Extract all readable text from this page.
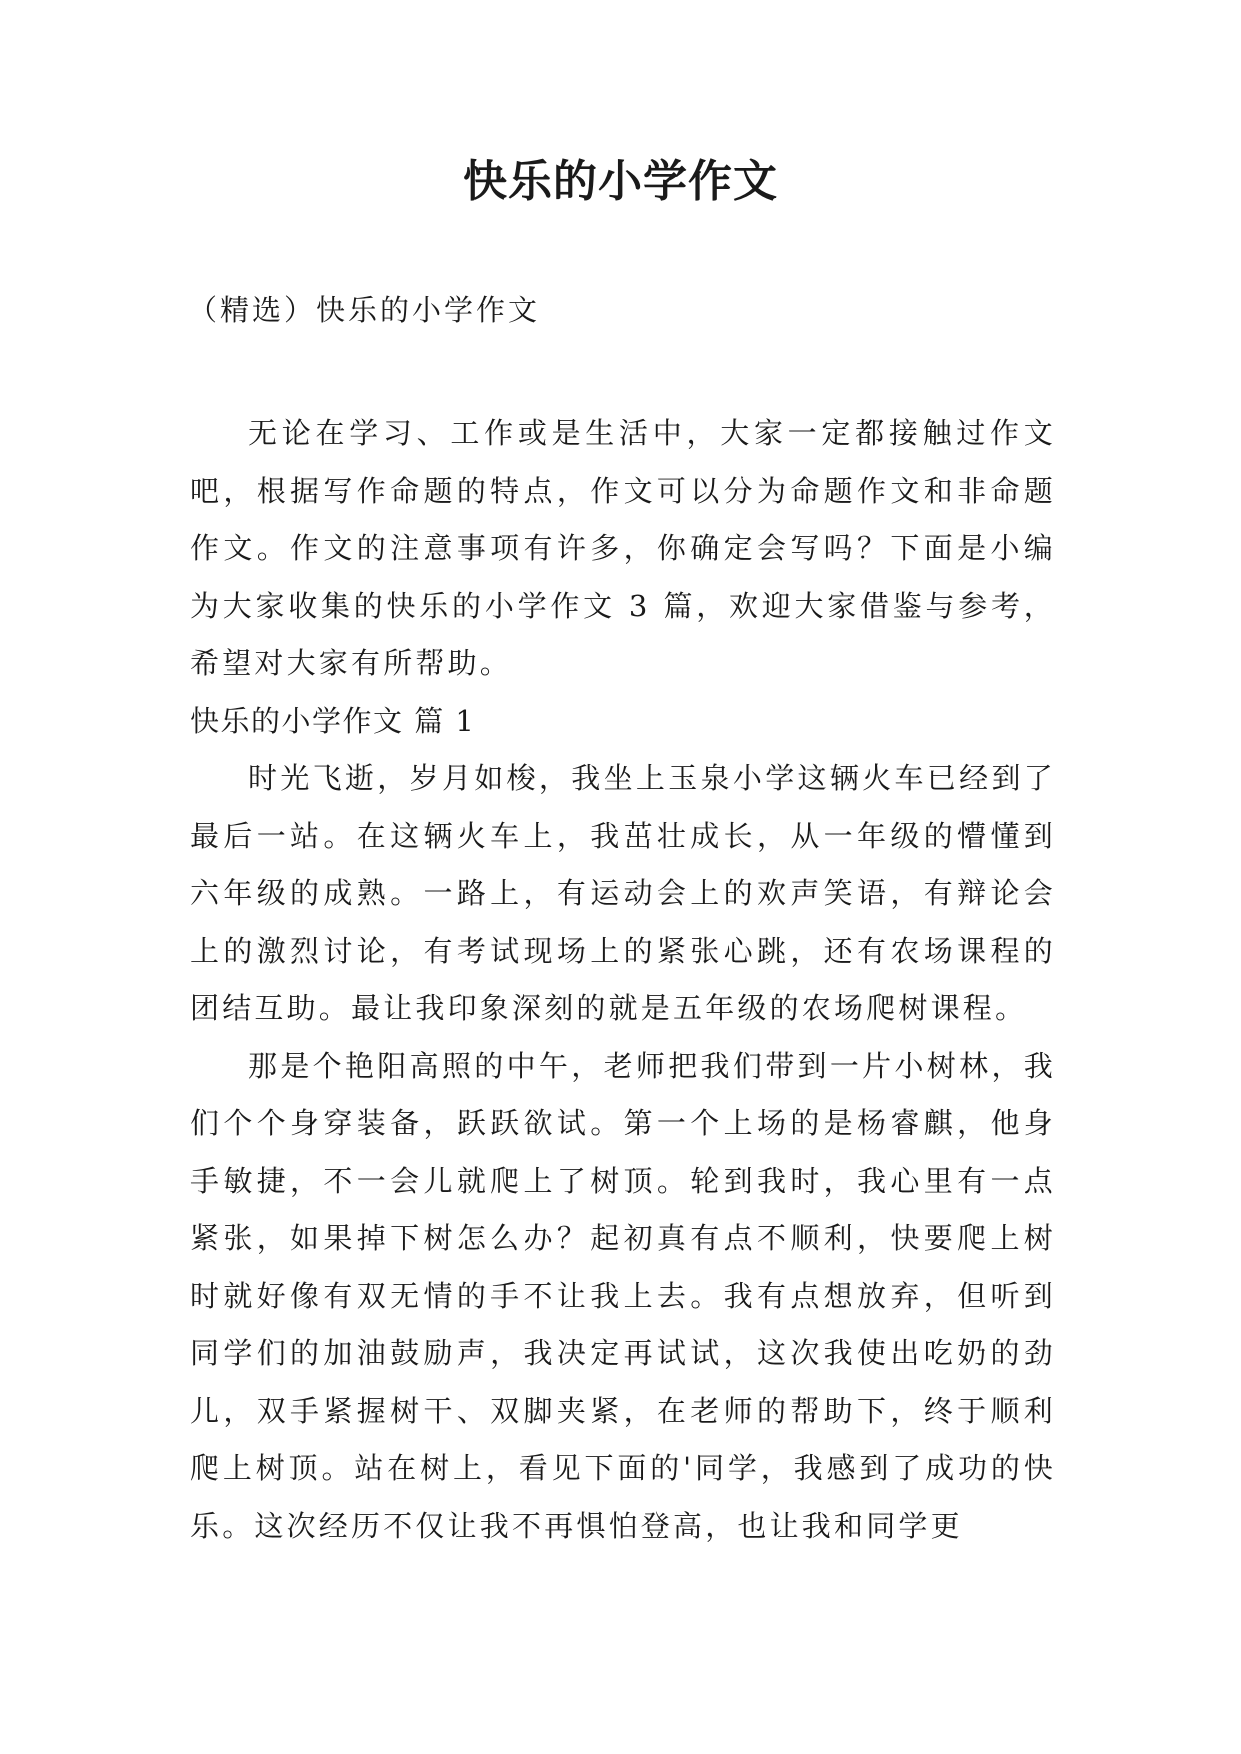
快乐的小学作文

（精选）快乐的小学作文

无论在学习、工作或是生活中，大家一定都接触过作文吧，根据写作命题的特点，作文可以分为命题作文和非命题作文。作文的注意事项有许多，你确定会写吗？下面是小编为大家收集的快乐的小学作文 3 篇，欢迎大家借鉴与参考，希望对大家有所帮助。

快乐的小学作文 篇 1

时光飞逝，岁月如梭，我坐上玉泉小学这辆火车已经到了最后一站。在这辆火车上，我茁壮成长，从一年级的懵懂到六年级的成熟。一路上，有运动会上的欢声笑语，有辩论会上的激烈讨论，有考试现场上的紧张心跳，还有农场课程的团结互助。最让我印象深刻的就是五年级的农场爬树课程。

那是个艳阳高照的中午，老师把我们带到一片小树林，我们个个身穿装备，跃跃欲试。第一个上场的是杨睿麒，他身手敏捷，不一会儿就爬上了树顶。轮到我时，我心里有一点紧张，如果掉下树怎么办？起初真有点不顺利，快要爬上树时就好像有双无情的手不让我上去。我有点想放弃，但听到同学们的加油鼓励声，我决定再试试，这次我使出吃奶的劲儿，双手紧握树干、双脚夹紧，在老师的帮助下，终于顺利爬上树顶。站在树上，看见下面的'同学，我感到了成功的快乐。这次经历不仅让我不再惧怕登高，也让我和同学更
